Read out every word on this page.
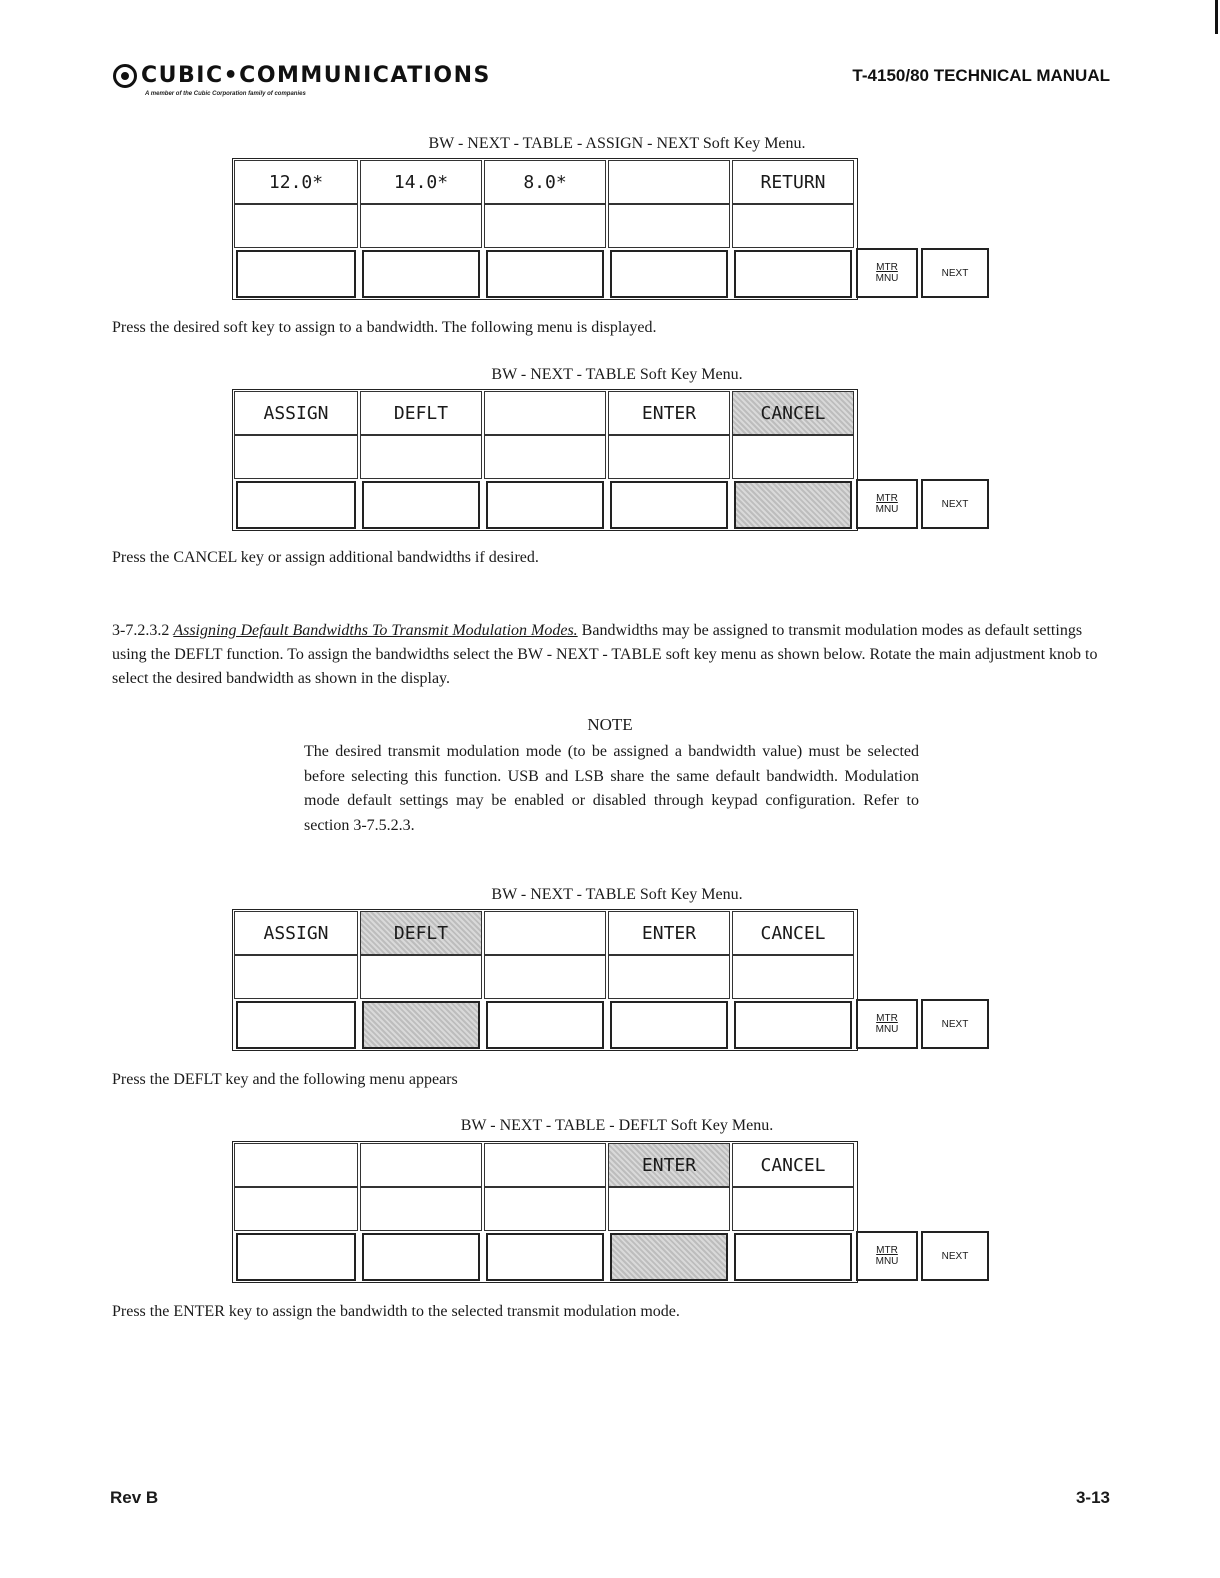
CUBIC•COMMUNICATIONS
A member of the Cubic Corporation family of companies
T-4150/80 TECHNICAL MANUAL
BW - NEXT - TABLE - ASSIGN - NEXT Soft Key Menu.
12.0*	14.0*	8.0*	RETURN
MTR
MNU	NEXT
Press the desired soft key to assign to a bandwidth. The following menu is displayed.
BW - NEXT - TABLE Soft Key Menu.
ASSIGN	DEFLT	ENTER	CANCEL
MTR
MNU	NEXT
Press the CANCEL key or assign additional bandwidths if desired.
3-7.2.3.2 Assigning Default Bandwidths To Transmit Modulation Modes. Bandwidths may be assigned to transmit modulation modes as default settings using the DEFLT function. To assign the bandwidths select the BW - NEXT - TABLE soft key menu as shown below. Rotate the main adjustment knob to select the desired bandwidth as shown in the display.
NOTE
The desired transmit modulation mode (to be assigned a bandwidth value) must be selected before selecting this function. USB and LSB share the same default bandwidth. Modulation mode default settings may be enabled or disabled through keypad configuration. Refer to section 3-7.5.2.3.
BW - NEXT - TABLE Soft Key Menu.
ASSIGN	DEFLT	ENTER	CANCEL
MTR
MNU	NEXT
Press the DEFLT key and the following menu appears
BW - NEXT - TABLE - DEFLT Soft Key Menu.
ENTER	CANCEL
MTR
MNU	NEXT
Press the ENTER key to assign the bandwidth to the selected transmit modulation mode.
Rev B	3-13
